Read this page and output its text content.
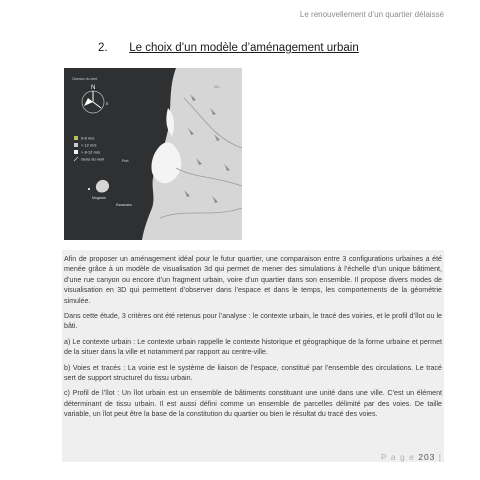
Le renouvellement d’un quartier délaissé
2. Le choix d’un modèle d’aménagement urbain
Ciseaux du vent
N
E
0-8 m/s
> 12 m/s
> 8-12 m/s
Sens du vent
Mogador
Port
Essaouira
Ma...

Afin de proposer un aménagement idéal pour le futur quartier, une comparaison entre 3 configurations urbaines a été menée grâce à un modèle de visualisation 3d qui permet de mener des simulations à l’échelle d’un unique bâtiment, d’une rue canyon ou encore d’un fragment urbain, voire d’un quartier dans son ensemble. Il propose divers modes de visualisation en 3D qui permettent d’observer dans l’espace et dans le temps, les comportements de la géométrie simulée.

Dans cette étude, 3 critères ont été retenus pour l’analyse : le contexte urbain, le tracé des voiries, et le profil d’îlot ou le bâti.

a) Le contexte urbain : Le contexte urbain rappelle le contexte historique et géographique de la forme urbaine et permet de la situer dans la ville et notamment par rapport au centre-ville.

b) Voies et tracés : La voirie est le système de liaison de l’espace, constitué par l’ensemble des circulations. Le tracé sert de support structurel du tissu urbain.

c) Profil de l’îlot : Un îlot urbain est un ensemble de bâtiments constituant une unité dans une ville. C’est un élément déterminant de tissu urbain. Il est aussi défini comme un ensemble de parcelles délimité par des voies. De taille variable, un îlot peut être la base de la constitution du quartier ou bien le résultat du tracé des voies.

P a g e 203 |
